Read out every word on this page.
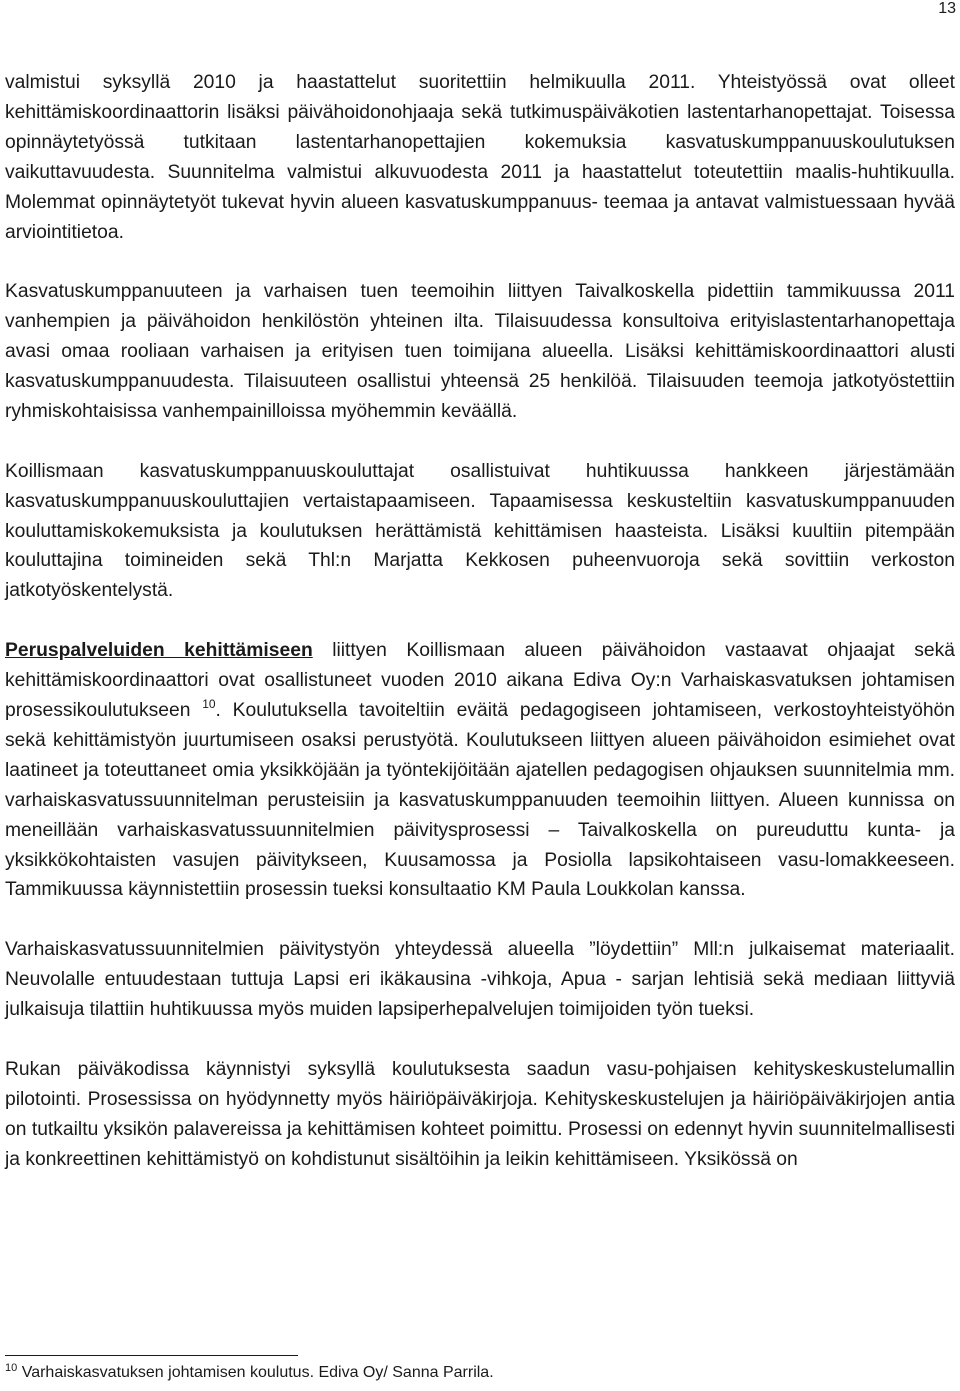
13

valmistui syksyllä 2010 ja haastattelut suoritettiin helmikuulla 2011. Yhteistyössä ovat olleet kehittämiskoordinaattorin lisäksi päivähoidonohjaaja sekä tutkimuspäiväkotien lastentarhanopettajat. Toisessa opinnäytetyössä tutkitaan lastentarhanopettajien kokemuksia kasvatuskumppanuuskoulutuksen vaikuttavuudesta. Suunnitelma valmistui alkuvuodesta 2011 ja haastattelut toteutettiin maalis-huhtikuulla. Molemmat opinnäytetyöt tukevat hyvin alueen kasvatuskumppanuus- teemaa ja antavat valmistuessaan hyvää arviointitietoa.

Kasvatuskumppanuuteen ja varhaisen tuen teemoihin liittyen Taivalkoskella pidettiin tammikuussa 2011 vanhempien ja päivähoidon henkilöstön yhteinen ilta. Tilaisuudessa konsultoiva erityislastentarhanopettaja avasi omaa rooliaan varhaisen ja erityisen tuen toimijana alueella. Lisäksi kehittämiskoordinaattori alusti kasvatuskumppanuudesta. Tilaisuuteen osallistui yhteensä 25 henkilöä. Tilaisuuden teemoja jatkotyöstettiin ryhmiskohtaisissa vanhempainilloissa myöhemmin keväällä.

Koillismaan kasvatuskumppanuuskouluttajat osallistuivat huhtikuussa hankkeen järjestämään kasvatuskumppanuuskouluttajien vertaistapaamiseen. Tapaamisessa keskusteltiin kasvatuskumppanuuden kouluttamiskokemuksista ja koulutuksen herättämistä kehittämisen haasteista. Lisäksi kuultiin pitempään kouluttajina toimineiden sekä Thl:n Marjatta Kekkosen puheenvuoroja sekä sovittiin verkoston jatkotyöskentelystä.

Peruspalveluiden kehittämiseen liittyen Koillismaan alueen päivähoidon vastaavat ohjaajat sekä kehittämiskoordinaattori ovat osallistuneet vuoden 2010 aikana Ediva Oy:n Varhaiskasvatuksen johtamisen prosessikoulutukseen $^{10}$. Koulutuksella tavoiteltiin eväitä pedagogiseen johtamiseen, verkostoyhteistyöhön sekä kehittämistyön juurtumiseen osaksi perustyötä. Koulutukseen liittyen alueen päivähoidon esimiehet ovat laatineet ja toteuttaneet omia yksikköjään ja työntekijöitään ajatellen pedagogisen ohjauksen suunnitelmia mm. varhaiskasvatussuunnitelman perusteisiin ja kasvatuskumppanuuden teemoihin liittyen. Alueen kunnissa on meneillään varhaiskasvatussuunnitelmien päivitysprosessi – Taivalkoskella on pureuduttu kunta- ja yksikkökohtaisten vasujen päivitykseen, Kuusamossa ja Posiolla lapsikohtaiseen vasu-lomakkeeseen. Tammikuussa käynnistettiin prosessin tueksi konsultaatio KM Paula Loukkolan kanssa.

Varhaiskasvatussuunnitelmien päivitystyön yhteydessä alueella ”löydettiin” Mll:n julkaisemat materiaalit. Neuvolalle entuudestaan tuttuja Lapsi eri ikäkausina -vihkoja, Apua - sarjan lehtisiä sekä mediaan liittyviä julkaisuja tilattiin huhtikuussa myös muiden lapsiperhepalvelujen toimijoiden työn tueksi.

Rukan päiväkodissa käynnistyi syksyllä koulutuksesta saadun vasu-pohjaisen kehityskeskustelumallin pilotointi. Prosessissa on hyödynnetty myös häiriöpäiväkirjoja. Kehityskeskustelujen ja häiriöpäiväkirjojen antia on tutkailtu yksikön palavereissa ja kehittämisen kohteet poimittu. Prosessi on edennyt hyvin suunnitelmallisesti ja konkreettinen kehittämistyö on kohdistunut sisältöihin ja leikin kehittämiseen. Yksikössä on

$^{10}$ Varhaiskasvatuksen johtamisen koulutus. Ediva Oy/ Sanna Parrila.
